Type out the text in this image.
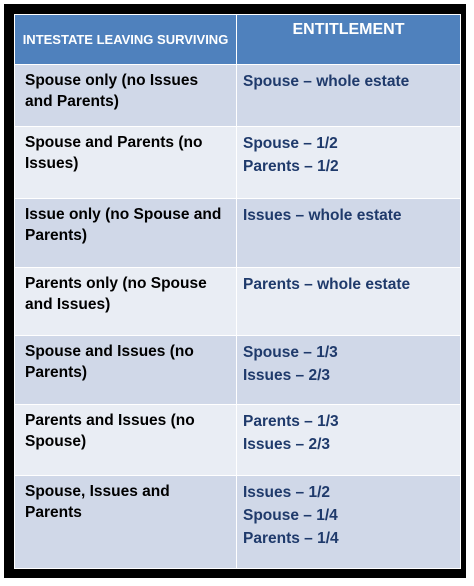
INTESTATE LEAVING SURVIVING	ENTITLEMENT
Spouse only (no Issues and Parents)	Spouse – whole estate

Spouse and Parents (no Issues)	Spouse – 1/2
Parents – 1/2

Issue only (no Spouse and Parents)	Issues – whole estate

Parents only (no Spouse and Issues)	Parents – whole estate

Spouse and Issues (no Parents)	Spouse – 1/3
Issues – 2/3

Parents and Issues (no Spouse)	Parents – 1/3
Issues – 2/3

Spouse, Issues and Parents	Issues – 1/2
Spouse – 1/4
Parents – 1/4
